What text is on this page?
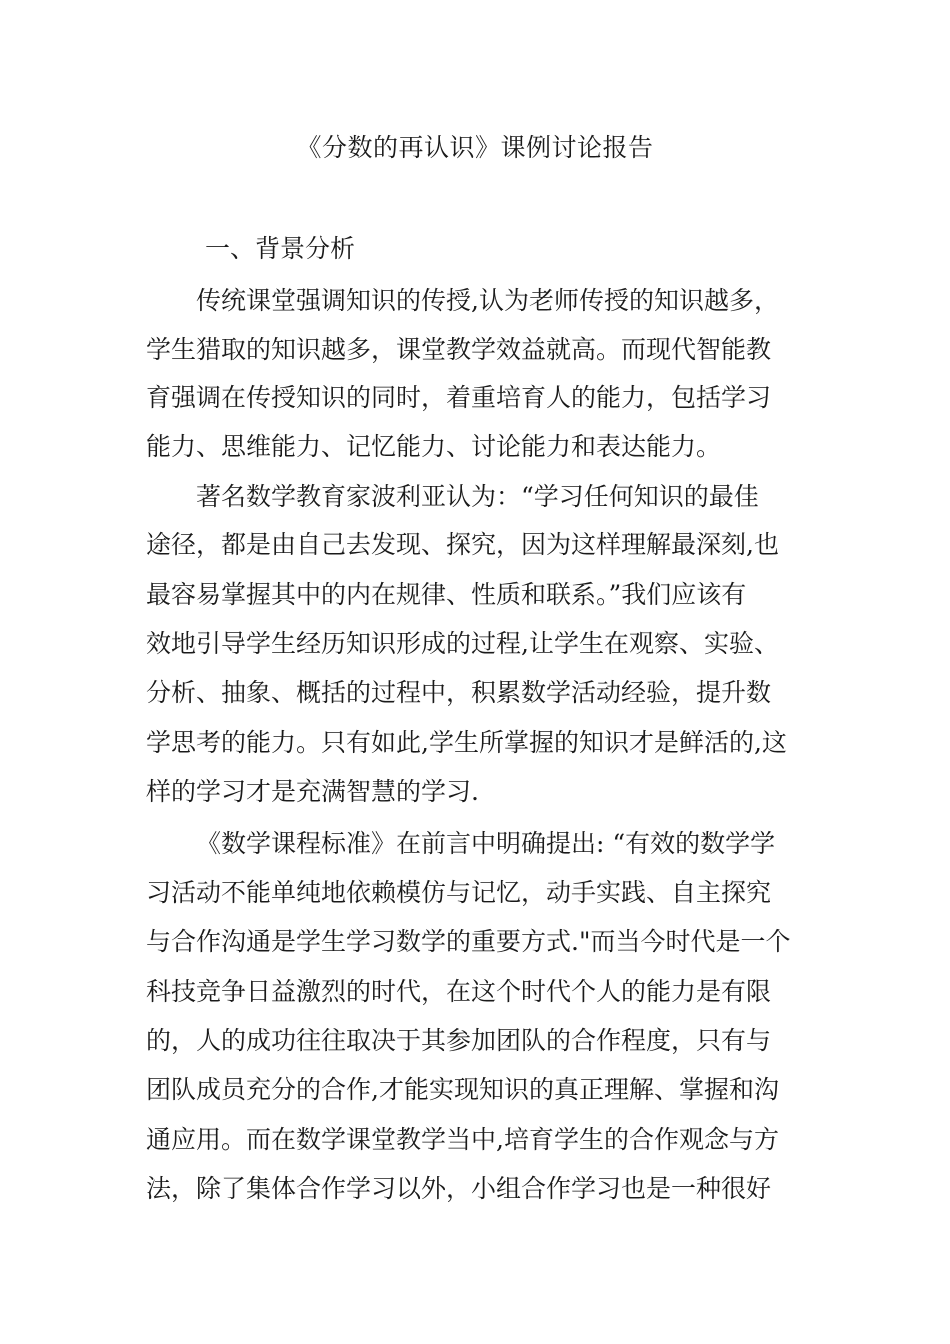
《分数的再认识》课例讨论报告
一、背景分析
传统课堂强调知识的传授,认为老师传授的知识越多，
学生猎取的知识越多，课堂教学效益就高。而现代智能教
育强调在传授知识的同时，着重培育人的能力，包括学习
能力、思维能力、记忆能力、讨论能力和表达能力。
著名数学教育家波利亚认为：“学习任何知识的最佳
途径，都是由自己去发现、探究，因为这样理解最深刻,也
最容易掌握其中的内在规律、性质和联系。”我们应该有
效地引导学生经历知识形成的过程,让学生在观察、实验、
分析、抽象、概括的过程中，积累数学活动经验，提升数
学思考的能力。只有如此,学生所掌握的知识才是鲜活的,这
样的学习才是充满智慧的学习.
《数学课程标准》在前言中明确提出: “有效的数学学
习活动不能单纯地依赖模仿与记忆，动手实践、自主探究
与合作沟通是学生学习数学的重要方式."而当今时代是一个
科技竞争日益激烈的时代，在这个时代个人的能力是有限
的，人的成功往往取决于其参加团队的合作程度，只有与
团队成员充分的合作,才能实现知识的真正理解、掌握和沟
通应用。而在数学课堂教学当中,培育学生的合作观念与方
法，除了集体合作学习以外，小组合作学习也是一种很好
